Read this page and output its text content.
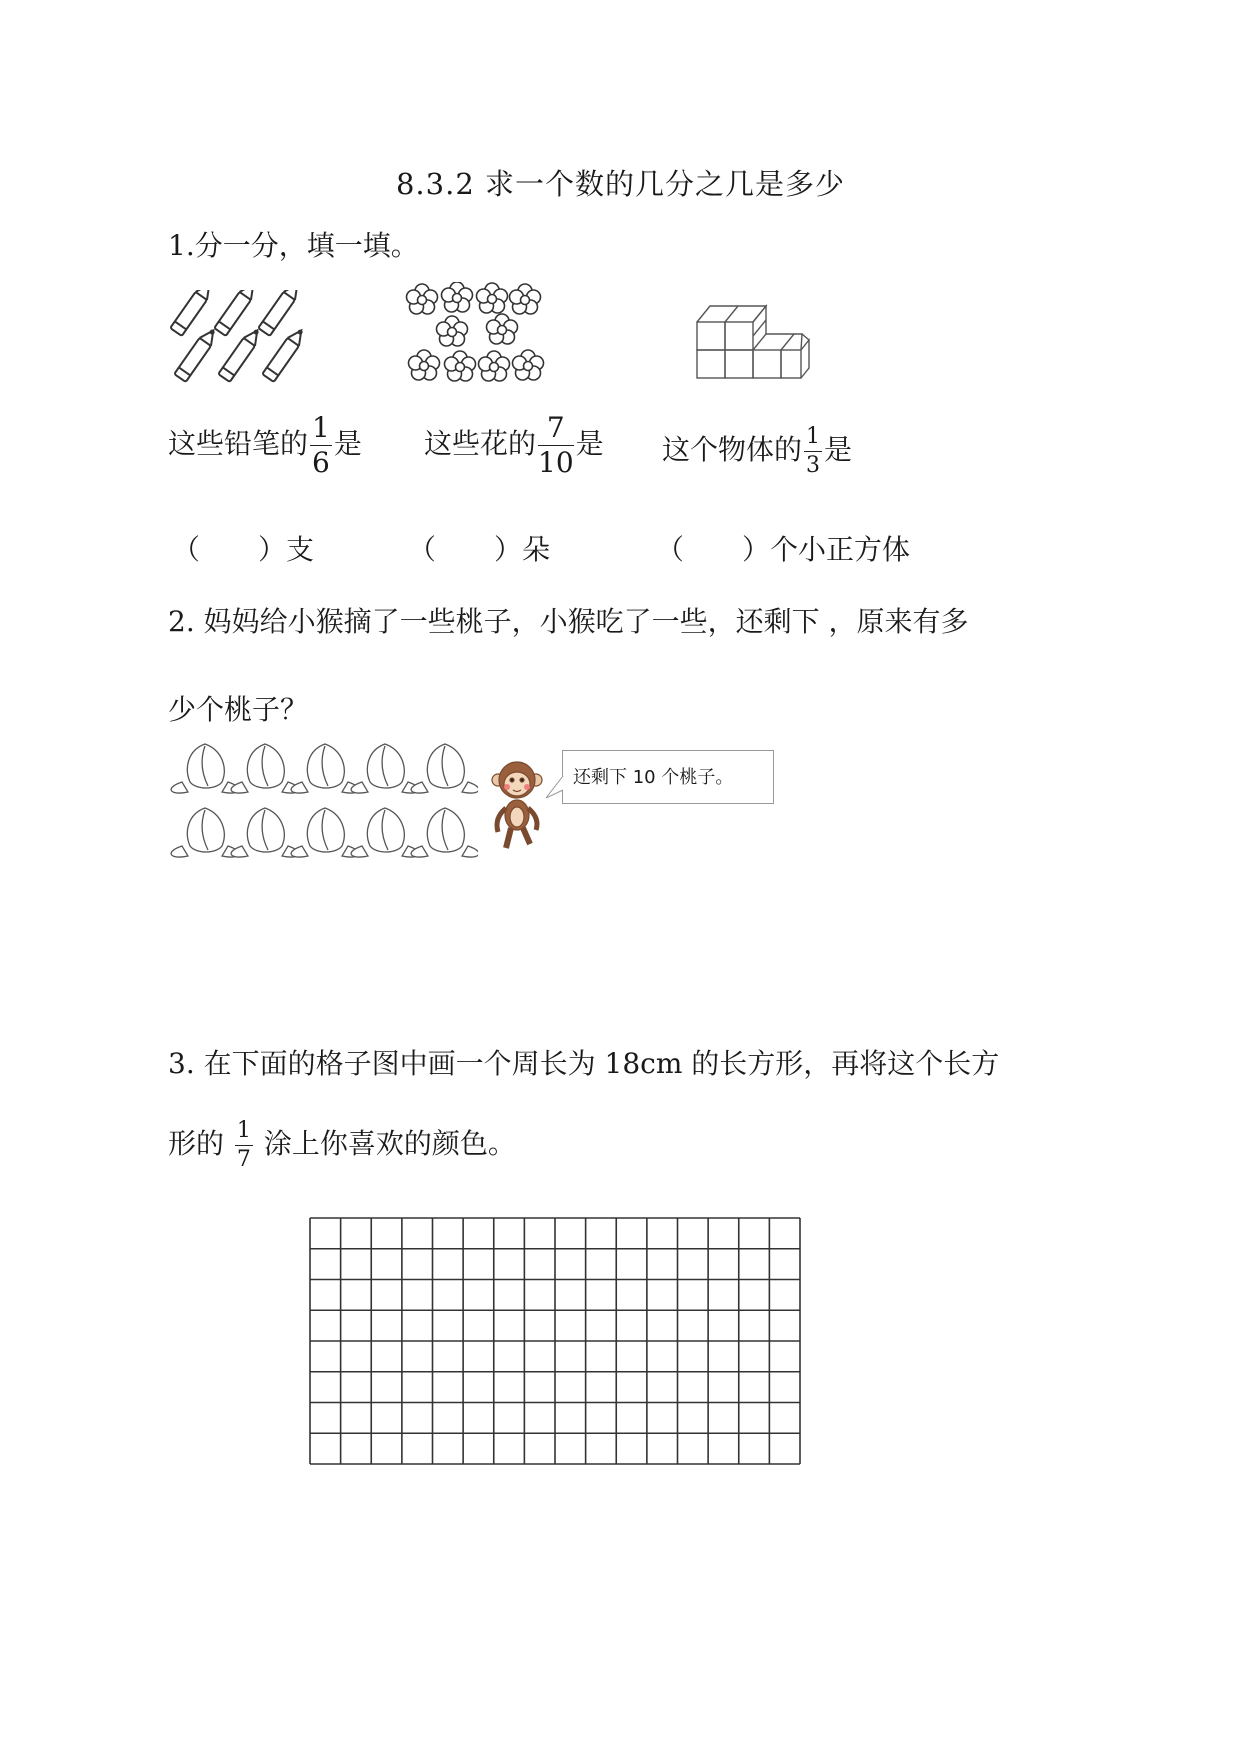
8.3.2 求一个数的几分之几是多少
1.分一分，填一填。
这些铅笔的 $\frac{1}{6}$ 是 这些花的 $\frac{7}{10}$ 是 这个物体的 $\frac{1}{3}$ 是
（ ）支	（ ）朵	（ ）个小正方体
2. 妈妈给小猴摘了一些桃子，小猴吃了一些，还剩下 ，原来有多
少个桃子？
还剩下 10 个桃子。
3. 在下面的格子图中画一个周长为 18cm 的长方形，再将这个长方
形的 $\frac{1}{7}$ 涂上你喜欢的颜色。
